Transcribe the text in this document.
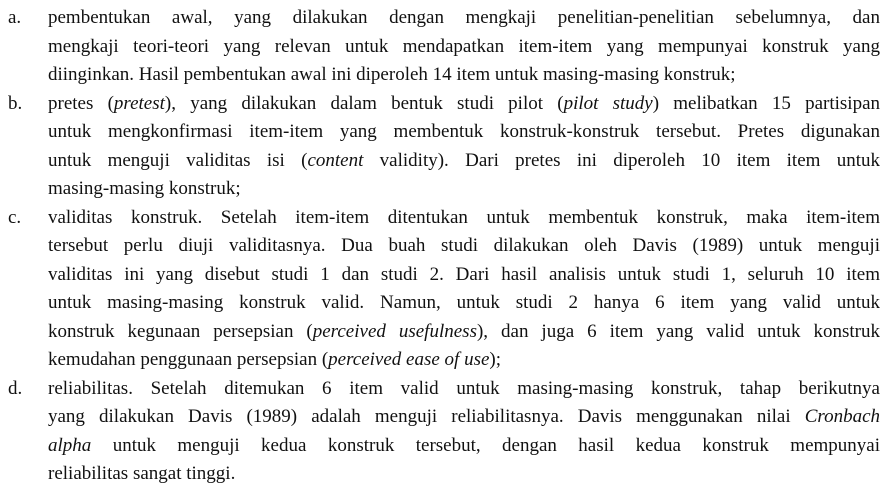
a.	pembentukan awal, yang dilakukan dengan mengkaji penelitian-penelitian sebelumnya, dan
mengkaji teori-teori yang relevan untuk mendapatkan item-item yang mempunyai konstruk yang
diinginkan. Hasil pembentukan awal ini diperoleh 14 item untuk masing-masing konstruk;
b.	pretes (pretest), yang dilakukan dalam bentuk studi pilot (pilot study) melibatkan 15 partisipan
untuk mengkonfirmasi item-item yang membentuk konstruk-konstruk tersebut. Pretes digunakan
untuk menguji validitas isi (content validity). Dari pretes ini diperoleh 10 item item untuk
masing-masing konstruk;
c.	validitas konstruk. Setelah item-item ditentukan untuk membentuk konstruk, maka item-item
tersebut perlu diuji validitasnya. Dua buah studi dilakukan oleh Davis (1989) untuk menguji
validitas ini yang disebut studi 1 dan studi 2. Dari hasil analisis untuk studi 1, seluruh 10 item
untuk masing-masing konstruk valid. Namun, untuk studi 2 hanya 6 item yang valid untuk
konstruk kegunaan persepsian (perceived usefulness), dan juga 6 item yang valid untuk konstruk
kemudahan penggunaan persepsian (perceived ease of use);
d.	reliabilitas. Setelah ditemukan 6 item valid untuk masing-masing konstruk, tahap berikutnya
yang dilakukan Davis (1989) adalah menguji reliabilitasnya. Davis menggunakan nilai Cronbach
alpha untuk menguji kedua konstruk tersebut, dengan hasil kedua konstruk mempunyai
reliabilitas sangat tinggi.
